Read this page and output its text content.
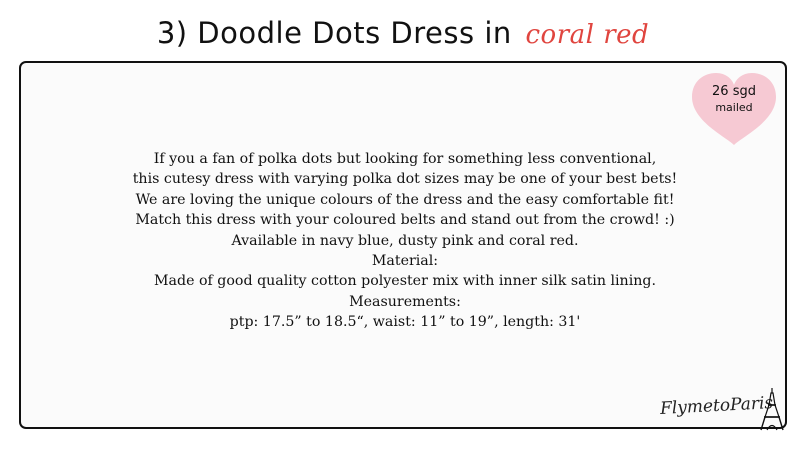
3) Doodle Dots Dress in coral red
26 sgd
mailed
If you a fan of polka dots but looking for something less conventional,
this cutesy dress with varying polka dot sizes may be one of your best bets!
We are loving the unique colours of the dress and the easy comfortable fit!
Match this dress with your coloured belts and stand out from the crowd! :)
Available in navy blue, dusty pink and coral red.
Material:
Made of good quality cotton polyester mix with inner silk satin lining.
Measurements:
ptp: 17.5” to 18.5“, waist: 11” to 19”, length: 31'
FlymetoParis
